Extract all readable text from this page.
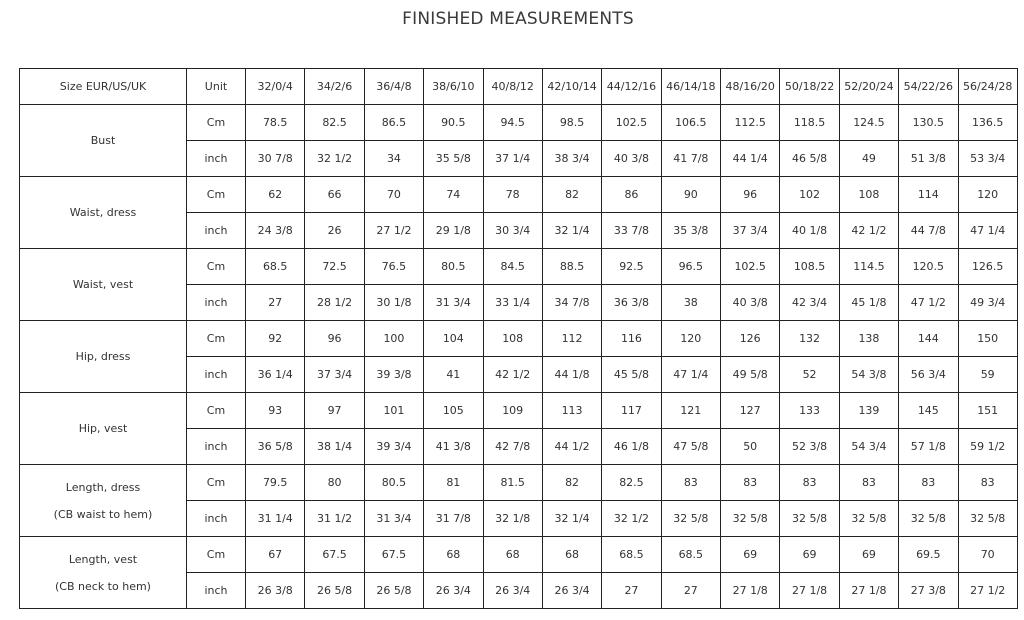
FINISHED MEASUREMENTS
Size EUR/US/UK	Unit	32/0/4	34/2/6	36/4/8	38/6/10	40/8/12	42/10/14	44/12/16	46/14/18	48/16/20	50/18/22	52/20/24	54/22/26	56/24/28

Bust	Cm	78.5	82.5	86.5	90.5	94.5	98.5	102.5	106.5	112.5	118.5	124.5	130.5	136.5
	inch	30 7/8	32 1/2	34	35 5/8	37 1/4	38 3/4	40 3/8	41 7/8	44 1/4	46 5/8	49	51 3/8	53 3/4

Waist, dress	Cm	62	66	70	74	78	82	86	90	96	102	108	114	120
	inch	24 3/8	26	27 1/2	29 1/8	30 3/4	32 1/4	33 7/8	35 3/8	37 3/4	40 1/8	42 1/2	44 7/8	47 1/4

Waist, vest	Cm	68.5	72.5	76.5	80.5	84.5	88.5	92.5	96.5	102.5	108.5	114.5	120.5	126.5
	inch	27	28 1/2	30 1/8	31 3/4	33 1/4	34 7/8	36 3/8	38	40 3/8	42 3/4	45 1/8	47 1/2	49 3/4

Hip, dress	Cm	92	96	100	104	108	112	116	120	126	132	138	144	150
	inch	36 1/4	37 3/4	39 3/8	41	42 1/2	44 1/8	45 5/8	47 1/4	49 5/8	52	54 3/8	56 3/4	59

Hip, vest	Cm	93	97	101	105	109	113	117	121	127	133	139	145	151
	inch	36 5/8	38 1/4	39 3/4	41 3/8	42 7/8	44 1/2	46 1/8	47 5/8	50	52 3/8	54 3/4	57 1/8	59 1/2

Length, dress
(CB waist to hem)	Cm	79.5	80	80.5	81	81.5	82	82.5	83	83	83	83	83	83
	inch	31 1/4	31 1/2	31 3/4	31 7/8	32 1/8	32 1/4	32 1/2	32 5/8	32 5/8	32 5/8	32 5/8	32 5/8	32 5/8

Length, vest
(CB neck to hem)	Cm	67	67.5	67.5	68	68	68	68.5	68.5	69	69	69	69.5	70
	inch	26 3/8	26 5/8	26 5/8	26 3/4	26 3/4	26 3/4	27	27	27 1/8	27 1/8	27 1/8	27 3/8	27 1/2
